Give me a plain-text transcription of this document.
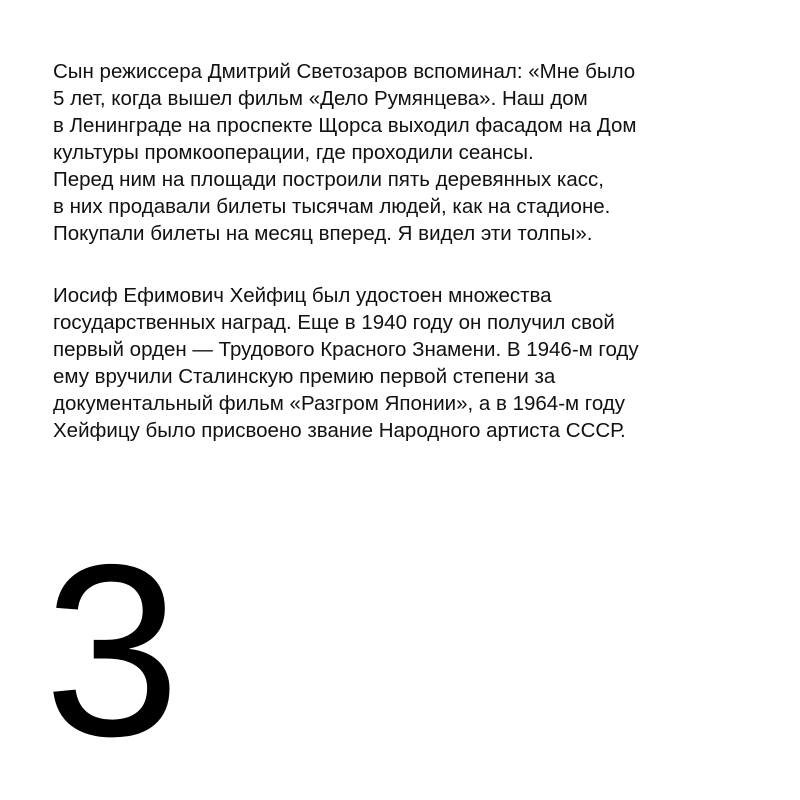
Сын режиссера Дмитрий Светозаров вспоминал: «Мне было
5 лет, когда вышел фильм «Дело Румянцева». Наш дом
в Ленинграде на проспекте Щорса выходил фасадом на Дом
культуры промкооперации, где проходили сеансы.
Перед ним на площади построили пять деревянных касс,
в них продавали билеты тысячам людей, как на стадионе.
Покупали билеты на месяц вперед. Я видел эти толпы».
Иосиф Ефимович Хейфиц был удостоен множества
государственных наград. Еще в 1940 году он получил свой
первый орден — Трудового Красного Знамени. В 1946-м году
ему вручили Сталинскую премию первой степени за
документальный фильм «Разгром Японии», а в 1964-м году
Хейфицу было присвоено звание Народного артиста СССР.
3
